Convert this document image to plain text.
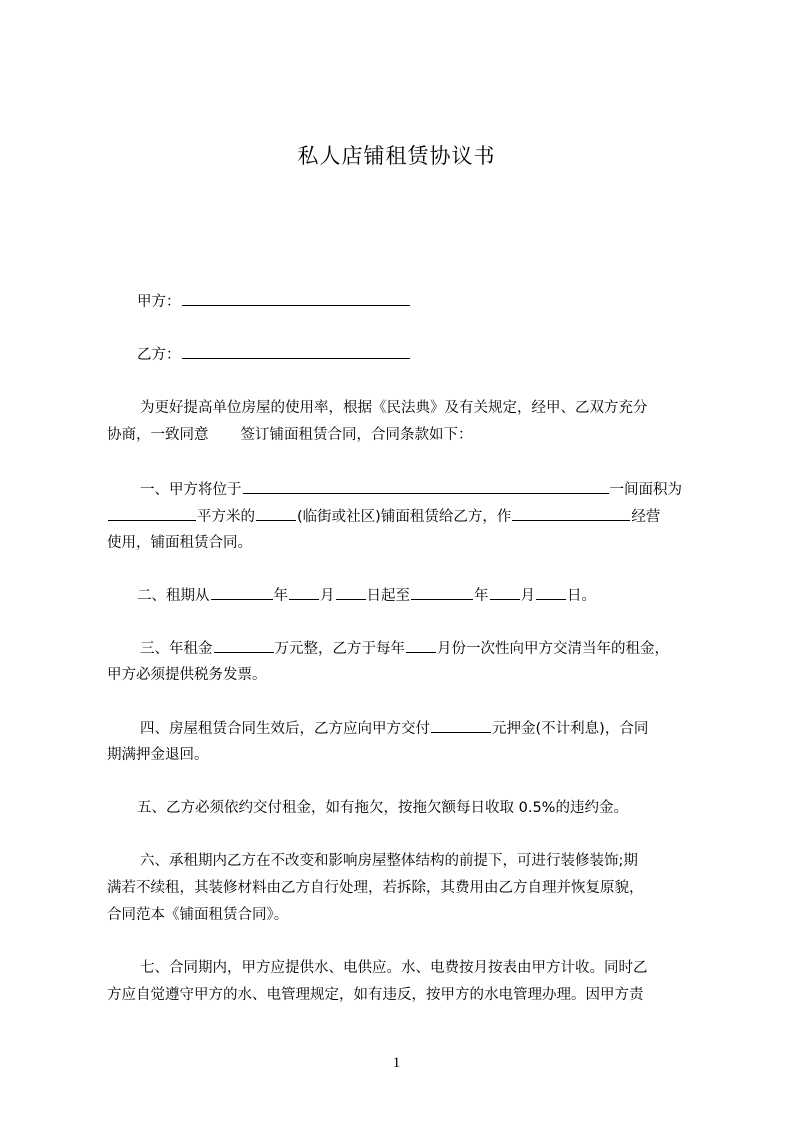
私人店铺租赁协议书
甲方：
乙方：
为更好提高单位房屋的使用率，根据《民法典》及有关规定，经甲、乙双方充分
协商，一致同意 签订铺面租赁合同，合同条款如下：
一、甲方将位于	一间面积为
平方米的	(临街或社区)铺面租赁给乙方，作	经营
使用，铺面租赁合同。
二、租期从	年 月 日起至	年 月 日。
三、年租金	万元整，乙方于每年 月份一次性向甲方交清当年的租金，
甲方必须提供税务发票。
四、房屋租赁合同生效后，乙方应向甲方交付	元押金(不计利息)，合同
期满押金退回。
五、乙方必须依约交付租金，如有拖欠，按拖欠额每日收取 0.5%的违约金。
六、承租期内乙方在不改变和影响房屋整体结构的前提下，可进行装修装饰;期
满若不续租，其装修材料由乙方自行处理，若拆除，其费用由乙方自理并恢复原貌，
合同范本《铺面租赁合同》。
七、合同期内，甲方应提供水、电供应。水、电费按月按表由甲方计收。同时乙
方应自觉遵守甲方的水、电管理规定，如有违反，按甲方的水电管理办理。因甲方责
1
